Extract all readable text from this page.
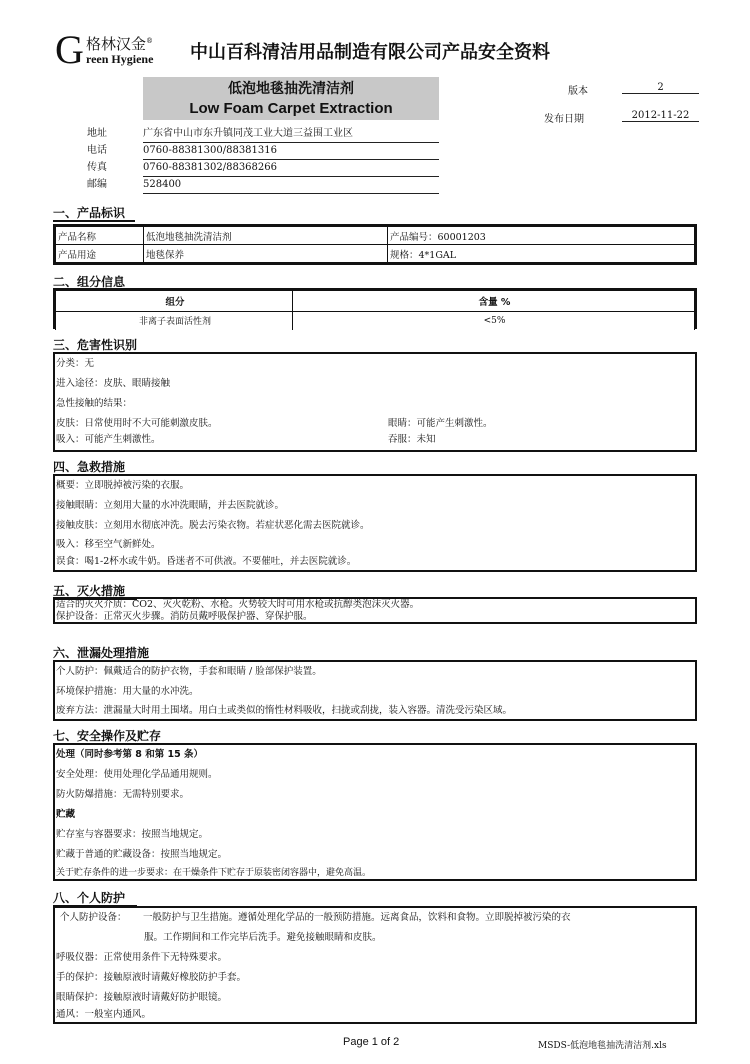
G 格林汉金®
reen Hygiene 中山百科清洁用品制造有限公司产品安全资料
低泡地毯抽洗清洁剂
Low Foam Carpet Extraction
版本	2
发布日期	2012-11-22
地址	广东省中山市东升镇同茂工业大道三益围工业区
电话	0760-88381300/88381316
传真	0760-88381302/88368266
邮编	528400
一、产品标识
产品名称	低泡地毯抽洗清洁剂	产品编号：60001203
产品用途	地毯保养	规格：4*1GAL
二、组分信息
组分	含量 %
非离子表面活性剂	<5%
三、危害性识别
分类：无
进入途径：皮肤、眼睛接触
急性接触的结果：
皮肤：日常使用时不大可能刺激皮肤。	眼睛：可能产生刺激性。
吸入：可能产生刺激性。	吞服：未知
四、急救措施
概要：立即脱掉被污染的衣服。
接触眼睛：立刻用大量的水冲洗眼睛，并去医院就诊。
接触皮肤：立刻用水彻底冲洗。脱去污染衣物。若症状恶化需去医院就诊。
吸入：移至空气新鲜处。
误食：喝1-2杯水或牛奶。昏迷者不可供液。不要催吐，并去医院就诊。
五、灭火措施
适合的灭火介质：CO2、灭火乾粉、水枪。火势较大时可用水枪或抗醇类泡沫灭火器。
保护设备：正常灭火步骤。消防员戴呼吸保护器、穿保护服。
六、泄漏处理措施
个人防护：佩戴适合的防护衣物，手套和眼睛 / 脸部保护装置。
环境保护措施：用大量的水冲洗。
废弃方法：泄漏量大时用土围堵。用白土或类似的惰性材料吸收，扫拢或刮拢，装入容器。清洗受污染区域。
七、安全操作及贮存
处理（同时参考第 8 和第 15 条）
安全处理：使用处理化学品通用规则。
防火防爆措施：无需特别要求。
贮藏
贮存室与容器要求：按照当地规定。
贮藏于普通的贮藏设备：按照当地规定。
关于贮存条件的进一步要求：在干燥条件下贮存于原装密闭容器中，避免高温。
八、个人防护
个人防护设备： 一般防护与卫生措施。遵循处理化学品的一般预防措施。远离食品，饮料和食物。立即脱掉被污染的衣
服。工作期间和工作完毕后洗手。避免接触眼睛和皮肤。
呼吸仪器：正常使用条件下无特殊要求。
手的保护：接触原液时请戴好橡胶防护手套。
眼睛保护：接触原液时请戴好防护眼镜。
通风：一般室内通风。
Page 1 of 2	MSDS-低泡地毯抽洗清洁剂.xls
